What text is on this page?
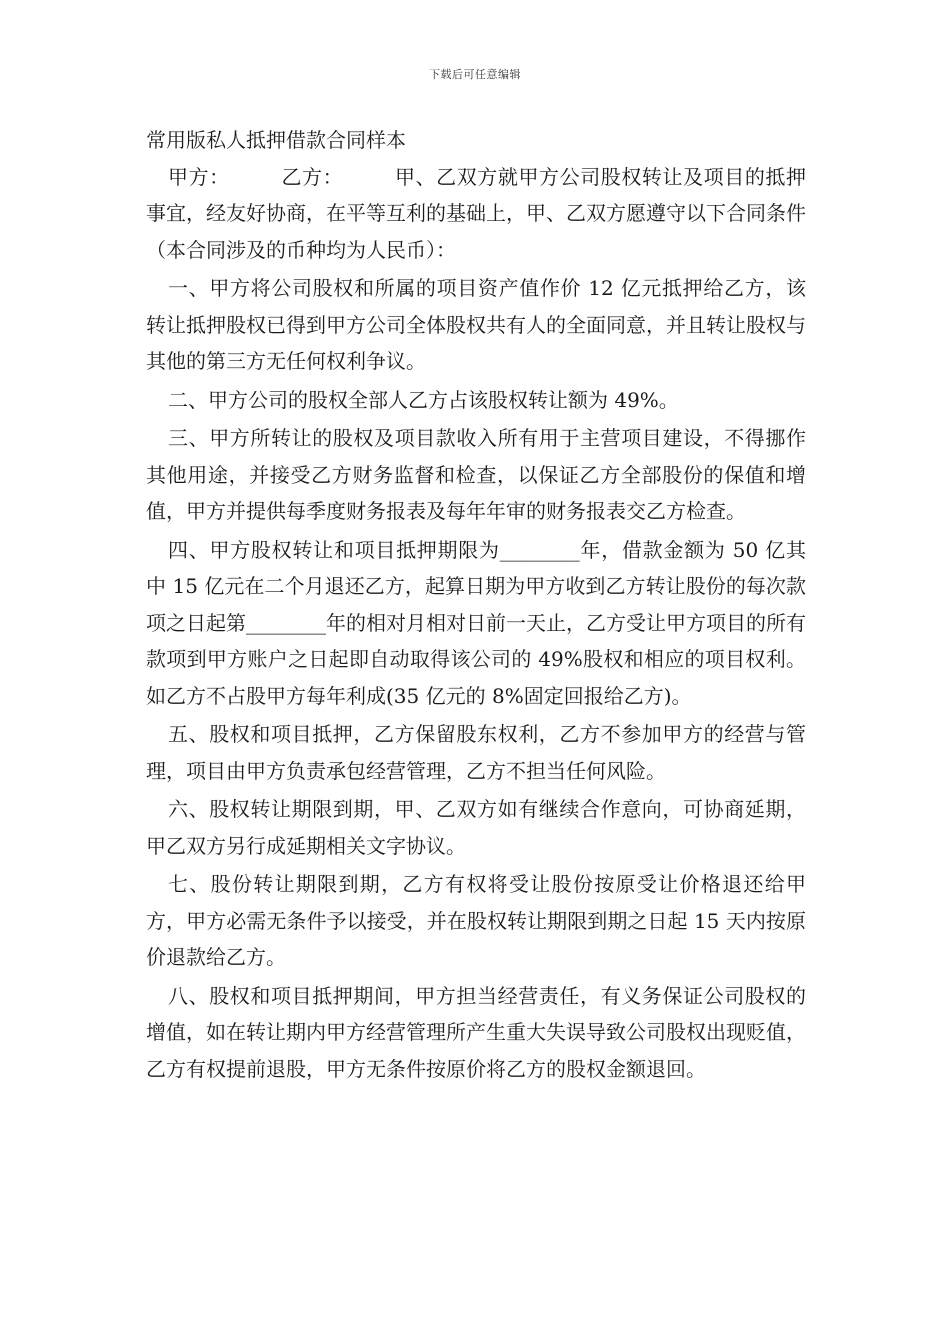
下载后可任意编辑
常用版私人抵押借款合同样本

甲方：　　　乙方：　　　甲、乙双方就甲方公司股权转让及项目的抵押事宜，经友好协商，在平等互利的基础上，甲、乙双方愿遵守以下合同条件（本合同涉及的币种均为人民币）：

一、甲方将公司股权和所属的项目资产值作价 12 亿元抵押给乙方，该转让抵押股权已得到甲方公司全体股权共有人的全面同意，并且转让股权与其他的第三方无任何权利争议。

二、甲方公司的股权全部人乙方占该股权转让额为 49%。

三、甲方所转让的股权及项目款收入所有用于主营项目建设，不得挪作其他用途，并接受乙方财务监督和检查，以保证乙方全部股份的保值和增值，甲方并提供每季度财务报表及每年年审的财务报表交乙方检查。

四、甲方股权转让和项目抵押期限为________年，借款金额为 50 亿其中 15 亿元在二个月退还乙方，起算日期为甲方收到乙方转让股份的每次款项之日起第________年的相对月相对日前一天止，乙方受让甲方项目的所有款项到甲方账户之日起即自动取得该公司的 49%股权和相应的项目权利。如乙方不占股甲方每年利成(35 亿元的 8%固定回报给乙方)。

五、股权和项目抵押，乙方保留股东权利，乙方不参加甲方的经营与管理，项目由甲方负责承包经营管理，乙方不担当任何风险。

六、股权转让期限到期，甲、乙双方如有继续合作意向，可协商延期，甲乙双方另行成延期相关文字协议。

七、股份转让期限到期，乙方有权将受让股份按原受让价格退还给甲方，甲方必需无条件予以接受，并在股权转让期限到期之日起 15 天内按原价退款给乙方。

八、股权和项目抵押期间，甲方担当经营责任，有义务保证公司股权的增值，如在转让期内甲方经营管理所产生重大失误导致公司股权出现贬值，乙方有权提前退股，甲方无条件按原价将乙方的股权金额退回。
